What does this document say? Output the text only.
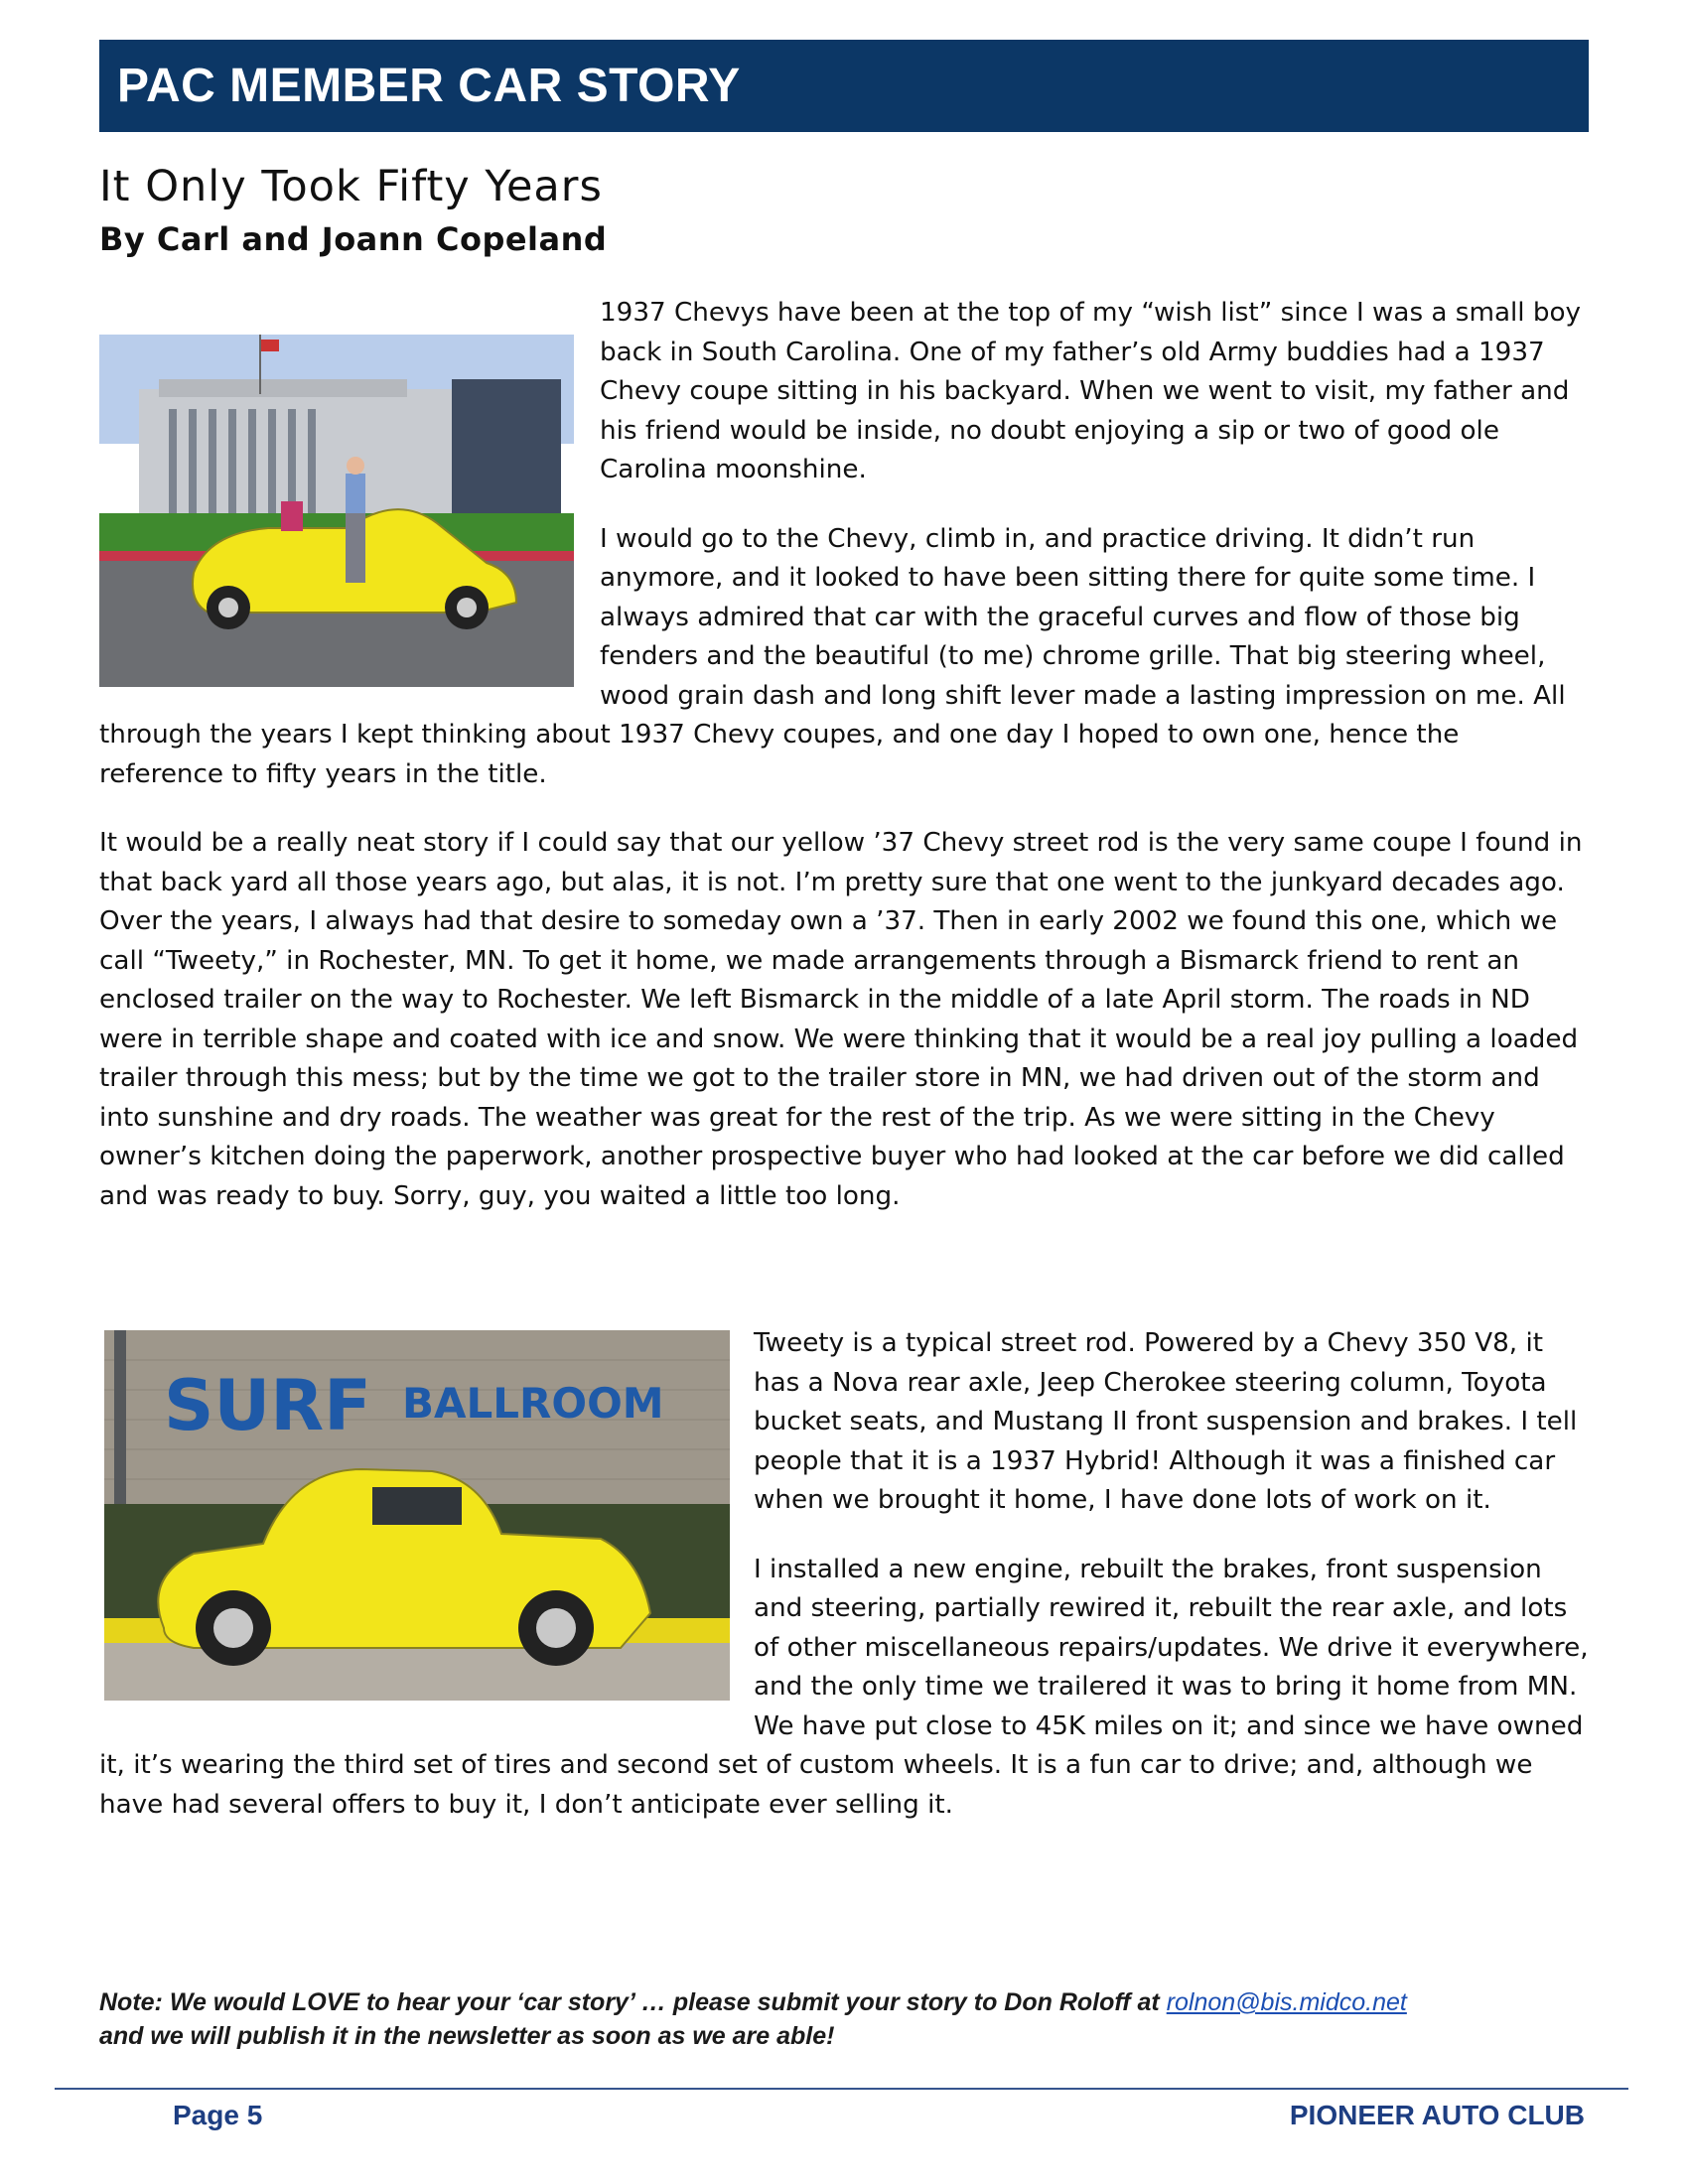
PAC MEMBER CAR STORY
It Only Took Fifty Years
By Carl and Joann Copeland

1937 Chevys have been at the top of my “wish list” since I was a small boy back in South Carolina. One of my father’s old Army buddies had a 1937 Chevy coupe sitting in his backyard. When we went to visit, my father and his friend would be inside, no doubt enjoying a sip or two of good ole Carolina moonshine.

I would go to the Chevy, climb in, and practice driving. It didn’t run anymore, and it looked to have been sitting there for quite some time. I always admired that car with the graceful curves and flow of those big fenders and the beautiful (to me) chrome grille. That big steering wheel, wood grain dash and long shift lever made a lasting impression on me. All through the years I kept thinking about 1937 Chevy coupes, and one day I hoped to own one, hence the reference to fifty years in the title.

It would be a really neat story if I could say that our yellow ’37 Chevy street rod is the very same coupe I found in that back yard all those years ago, but alas, it is not. I’m pretty sure that one went to the junkyard decades ago. Over the years, I always had that desire to someday own a ’37. Then in early 2002 we found this one, which we call “Tweety,” in Rochester, MN. To get it home, we made arrangements through a Bismarck friend to rent an enclosed trailer on the way to Rochester. We left Bismarck in the middle of a late April storm. The roads in ND were in terrible shape and coated with ice and snow. We were thinking that it would be a real joy pulling a loaded trailer through this mess; but by the time we got to the trailer store in MN, we had driven out of the storm and into sunshine and dry roads. The weather was great for the rest of the trip. As we were sitting in the Chevy owner’s kitchen doing the paperwork, another prospective buyer who had looked at the car before we did called and was ready to buy. Sorry, guy, you waited a little too long.

SURF BALLROOM

Tweety is a typical street rod. Powered by a Chevy 350 V8, it has a Nova rear axle, Jeep Cherokee steering column, Toyota bucket seats, and Mustang II front suspension and brakes. I tell people that it is a 1937 Hybrid! Although it was a finished car when we brought it home, I have done lots of work on it.

I installed a new engine, rebuilt the brakes, front suspension and steering, partially rewired it, rebuilt the rear axle, and lots of other miscellaneous repairs/updates. We drive it everywhere, and the only time we trailered it was to bring it home from MN. We have put close to 45K miles on it; and since we have owned it, it’s wearing the third set of tires and second set of custom wheels. It is a fun car to drive; and, although we have had several offers to buy it, I don’t anticipate ever selling it.

Note: We would LOVE to hear your ‘car story’ … please submit your story to Don Roloff at rolnon@bis.midco.net
and we will publish it in the newsletter as soon as we are able!

Page 5	PIONEER AUTO CLUB
